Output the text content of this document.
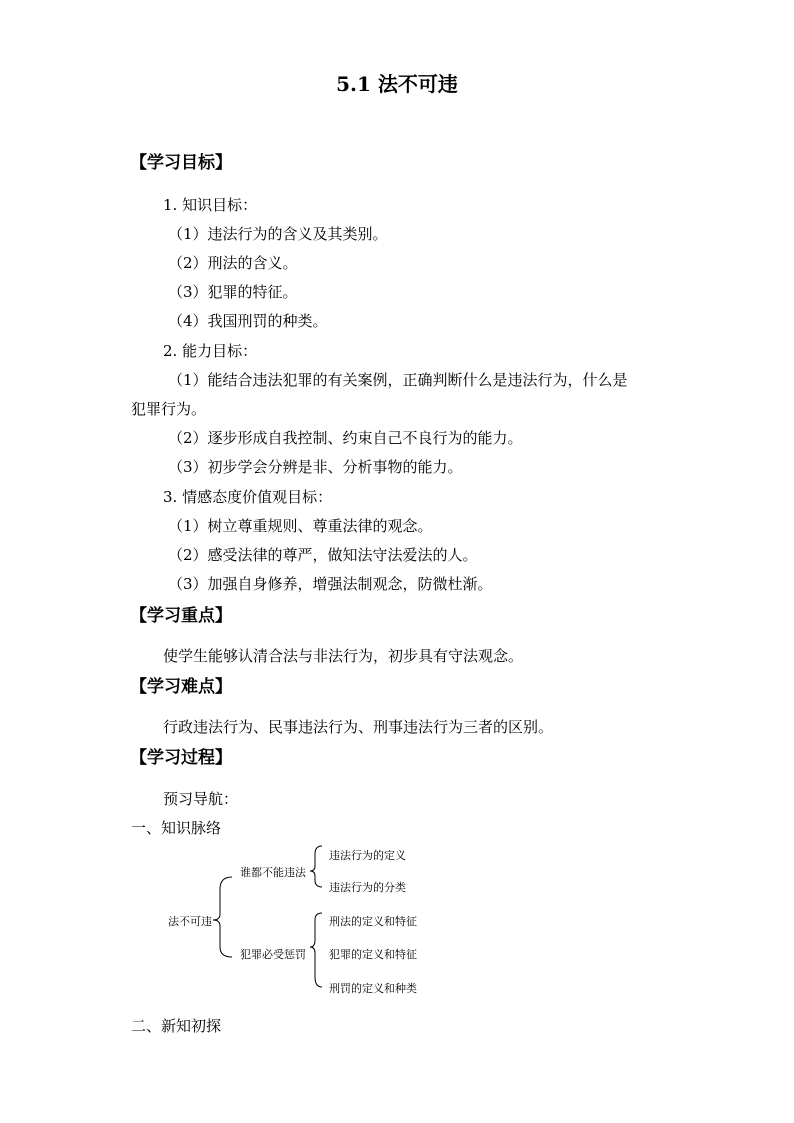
5.1 法不可违
【学习目标】
1. 知识目标：
（1）违法行为的含义及其类别。
（2）刑法的含义。
（3）犯罪的特征。
（4）我国刑罚的种类。
2. 能力目标：
（1）能结合违法犯罪的有关案例，正确判断什么是违法行为，什么是
犯罪行为。
（2）逐步形成自我控制、约束自己不良行为的能力。
（3）初步学会分辨是非、分析事物的能力。
3. 情感态度价值观目标：
（1）树立尊重规则、尊重法律的观念。
（2）感受法律的尊严，做知法守法爱法的人。
（3）加强自身修养，增强法制观念，防微杜渐。
【学习重点】
使学生能够认清合法与非法行为，初步具有守法观念。
【学习难点】
行政违法行为、民事违法行为、刑事违法行为三者的区别。
【学习过程】
预习导航：
一、知识脉络
法不可违
谁都不能违法
犯罪必受惩罚
违法行为的定义
违法行为的分类
刑法的定义和特征
犯罪的定义和特征
刑罚的定义和种类
二、新知初探
